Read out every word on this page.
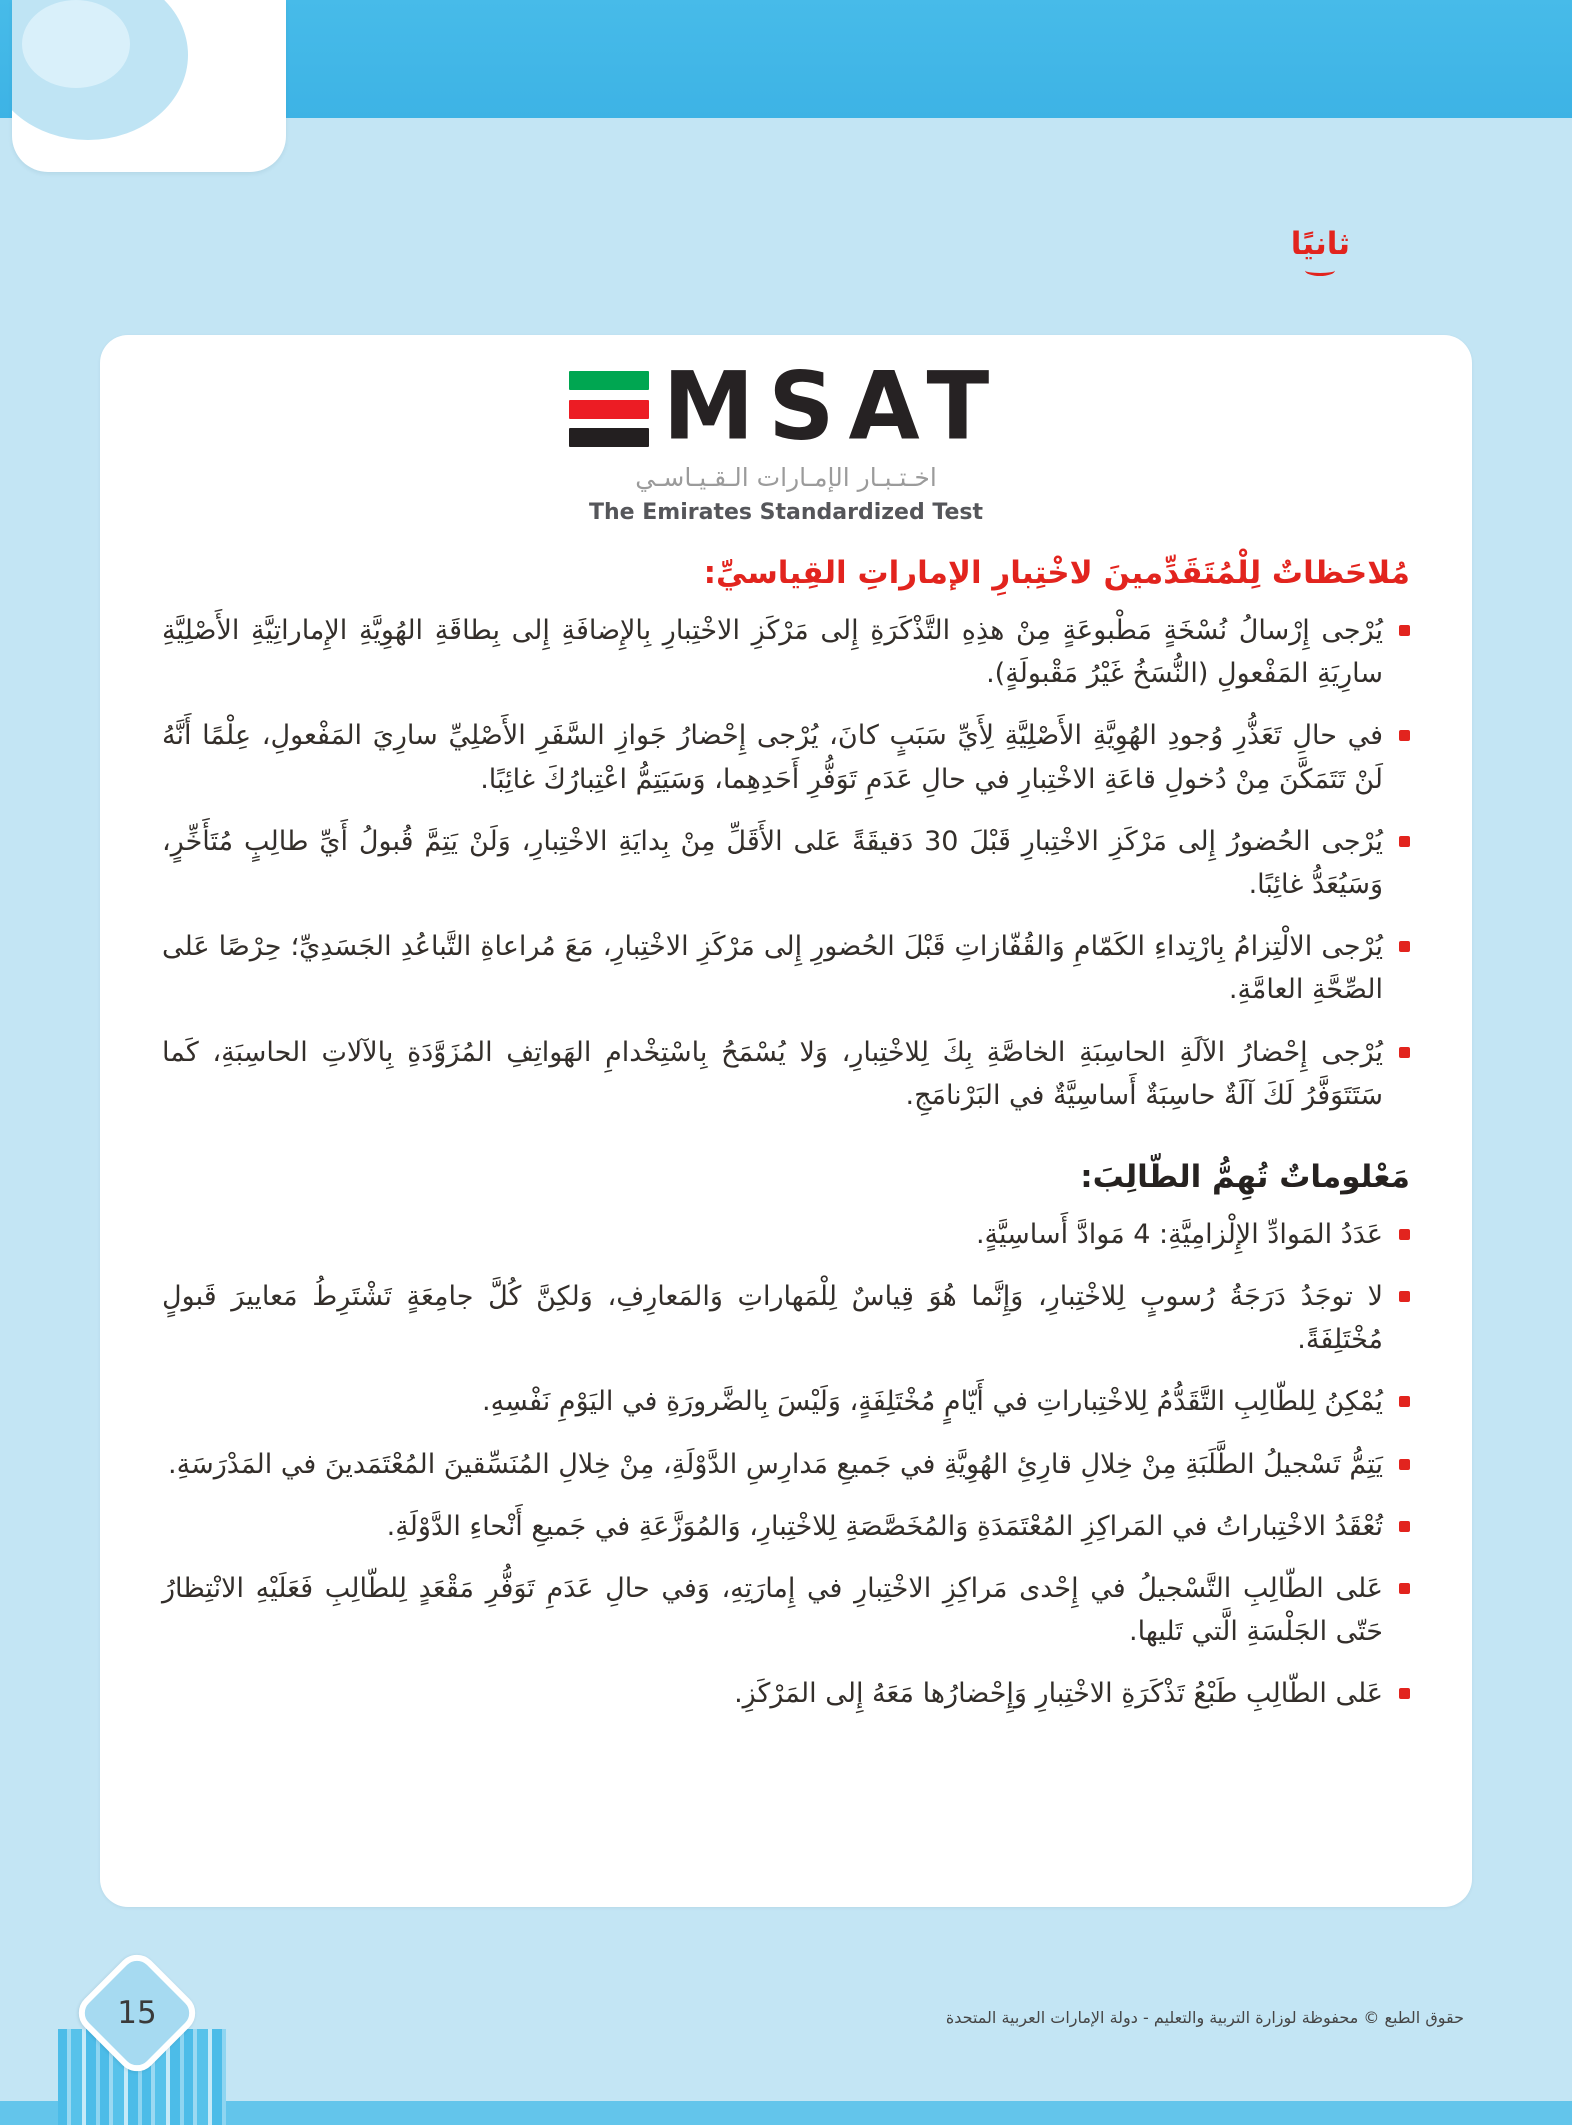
ثانيًا
MSAT
اخـتـبـار الإمـارات الـقـيـاسـي
The Emirates Standardized Test
مُلاحَظاتٌ لِلْمُتَقَدِّمينَ لاخْتِبارِ الإماراتِ القِياسيِّ:
يُرْجى إِرْسالُ نُسْخَةٍ مَطْبوعَةٍ مِنْ هذِهِ التَّذْكَرَةِ إِلى مَرْكَزِ الاخْتِبارِ بِالإِضافَةِ إِلى بِطاقَةِ الهُوِيَّةِ الإِماراتِيَّةِ الأَصْلِيَّةِ سارِيَةِ المَفْعولِ (النُّسَخُ غَيْرُ مَقْبولَةٍ).
في حالِ تَعَذُّرِ وُجودِ الهُوِيَّةِ الأَصْلِيَّةِ لِأَيِّ سَبَبٍ كانَ، يُرْجى إِحْضارُ جَوازِ السَّفَرِ الأَصْلِيِّ سارِيَ المَفْعولِ، عِلْمًا أَنَّهُ لَنْ تَتَمَكَّنَ مِنْ دُخولِ قاعَةِ الاخْتِبارِ في حالِ عَدَمِ تَوَفُّرِ أَحَدِهِما، وَسَيَتِمُّ اعْتِبارُكَ غائِبًا.
يُرْجى الحُضورُ إِلى مَرْكَزِ الاخْتِبارِ قَبْلَ 30 دَقيقَةً عَلى الأَقَلِّ مِنْ بِدايَةِ الاخْتِبارِ، وَلَنْ يَتِمَّ قُبولُ أَيِّ طالِبٍ مُتَأَخِّرٍ، وَسَيُعَدُّ غائِبًا.
يُرْجى الالْتِزامُ بِارْتِداءِ الكَمّامِ وَالقُفّازاتِ قَبْلَ الحُضورِ إِلى مَرْكَزِ الاخْتِبارِ، مَعَ مُراعاةِ التَّباعُدِ الجَسَدِيِّ؛ حِرْصًا عَلى الصِّحَّةِ العامَّةِ.
يُرْجى إِحْضارُ الآلَةِ الحاسِبَةِ الخاصَّةِ بِكَ لِلاخْتِبارِ، وَلا يُسْمَحُ بِاسْتِخْدامِ الهَواتِفِ المُزَوَّدَةِ بِالآلاتِ الحاسِبَةِ، كَما سَتَتَوَفَّرُ لَكَ آلَةٌ حاسِبَةٌ أَساسِيَّةٌ في البَرْنامَجِ.
مَعْلوماتٌ تُهِمُّ الطّالِبَ:
عَدَدُ المَوادِّ الإِلْزامِيَّةِ: 4 مَوادَّ أَساسِيَّةٍ.
لا توجَدُ دَرَجَةُ رُسوبٍ لِلاخْتِبارِ، وَإِنَّما هُوَ قِياسٌ لِلْمَهاراتِ وَالمَعارِفِ، وَلكِنَّ كُلَّ جامِعَةٍ تَشْتَرِطُ مَعاييرَ قَبولٍ مُخْتَلِفَةً.
يُمْكِنُ لِلطّالِبِ التَّقَدُّمُ لِلاخْتِباراتِ في أَيّامٍ مُخْتَلِفَةٍ، وَلَيْسَ بِالضَّرورَةِ في اليَوْمِ نَفْسِهِ.
يَتِمُّ تَسْجيلُ الطَّلَبَةِ مِنْ خِلالِ قارِئِ الهُوِيَّةِ في جَميعِ مَدارِسِ الدَّوْلَةِ، مِنْ خِلالِ المُنَسِّقينَ المُعْتَمَدينَ في المَدْرَسَةِ.
تُعْقَدُ الاخْتِباراتُ في المَراكِزِ المُعْتَمَدَةِ وَالمُخَصَّصَةِ لِلاخْتِبارِ، وَالمُوَزَّعَةِ في جَميعِ أَنْحاءِ الدَّوْلَةِ.
عَلى الطّالِبِ التَّسْجيلُ في إِحْدى مَراكِزِ الاخْتِبارِ في إِمارَتِهِ، وَفي حالِ عَدَمِ تَوَفُّرِ مَقْعَدٍ لِلطّالِبِ فَعَلَيْهِ الانْتِظارُ حَتّى الجَلْسَةِ الَّتي تَليها.
عَلى الطّالِبِ طَبْعُ تَذْكَرَةِ الاخْتِبارِ وَإِحْضارُها مَعَهُ إِلى المَرْكَزِ.
15	حقوق الطبع © محفوظة لوزارة التربية والتعليم - دولة الإمارات العربية المتحدة
